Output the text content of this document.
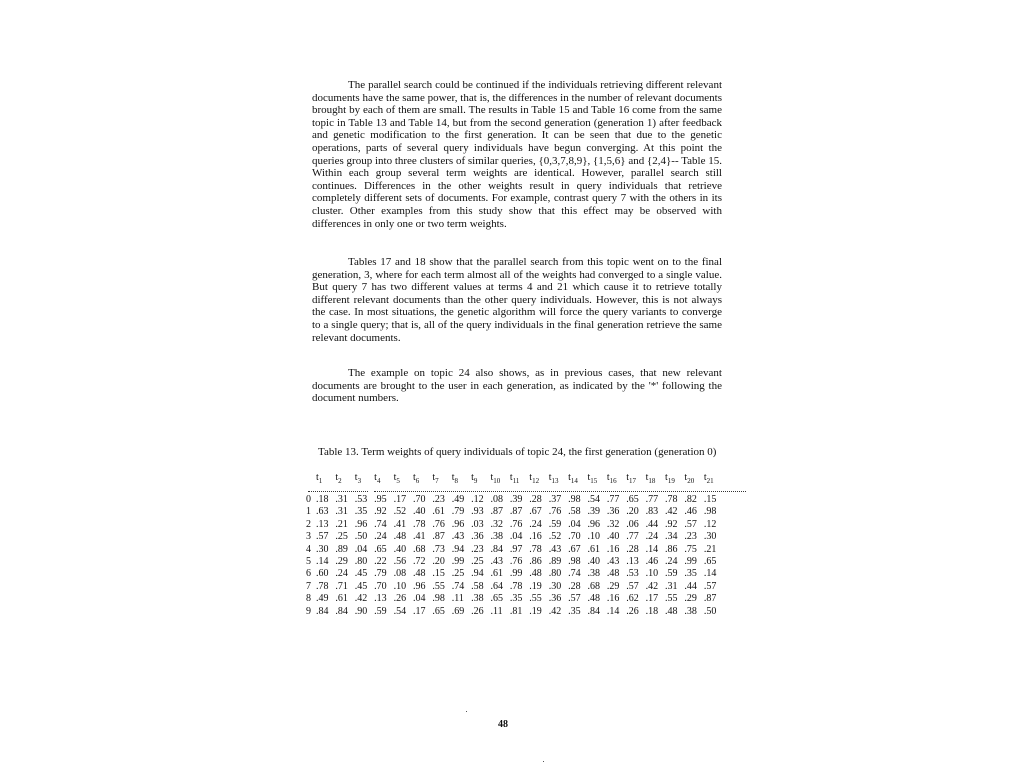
The parallel search could be continued if the individuals retrieving different relevant documents have the same power, that is, the differences in the number of relevant documents brought by each of them are small. The results in Table 15 and Table 16 come from the same topic in Table 13 and Table 14, but from the second generation (generation 1) after feedback and genetic modification to the first generation. It can be seen that due to the genetic operations, parts of several query individuals have begun converging. At this point the queries group into three clusters of similar queries, {0,3,7,8,9}, {1,5,6} and {2,4}-- Table 15. Within each group several term weights are identical. However, parallel search still continues. Differences in the other weights result in query individuals that retrieve completely different sets of documents. For example, contrast query 7 with the others in its cluster. Other examples from this study show that this effect may be observed with differences in only one or two term weights.

Tables 17 and 18 show that the parallel search from this topic went on to the final generation, 3, where for each term almost all of the weights had converged to a single value. But query 7 has two different values at terms 4 and 21 which cause it to retrieve totally different relevant documents than the other query individuals. However, this is not always the case. In most situations, the genetic algorithm will force the query variants to converge to a single query; that is, all of the query individuals in the final generation retrieve the same relevant documents.

The example on topic 24 also shows, as in previous cases, that new relevant documents are brought to the user in each generation, as indicated by the '*' following the document numbers.

Table 13. Term weights of query individuals of topic 24, the first generation (generation 0)
$t_1$	$t_2$	$t_3$	$t_4$	$t_5$	$t_6$	$t_7$	$t_8$	$t_9$	$t_{10}$ $t_{11}$ $t_{12}$ $t_{13}$ $t_{14}$ $t_{15}$ $t_{16}$ $t_{17}$ $t_{18}$ $t_{19}$ $t_{20}$ $t_{21}$
0 .18 .31 .53 .95 .17 .70 .23 .49 .12 .08 .39 .28 .37 .98 .54 .77 .65 .77 .78 .82 .15
1 .63 .31 .35 .92 .52 .40 .61 .79 .93 .87 .87 .67 .76 .58 .39 .36 .20 .83 .42 .46 .98
2 .13 .21 .96 .74 .41 .78 .76 .96 .03 .32 .76 .24 .59 .04 .96 .32 .06 .44 .92 .57 .12
3 .57 .25 .50 .24 .48 .41 .87 .43 .36 .38 .04 .16 .52 .70 .10 .40 .77 .24 .34 .23 .30
4 .30 .89 .04 .65 .40 .68 .73 .94 .23 .84 .97 .78 .43 .67 .61 .16 .28 .14 .86 .75 .21
5 .14 .29 .80 .22 .56 .72 .20 .99 .25 .43 .76 .86 .89 .98 .40 .43 .13 .46 .24 .99 .65
6 .60 .24 .45 .79 .08 .48 .15 .25 .94 .61 .99 .48 .80 .74 .38 .48 .53 .10 .59 .35 .14
7 .78 .71 .45 .70 .10 .96 .55 .74 .58 .64 .78 .19 .30 .28 .68 .29 .57 .42 .31 .44 .57
8 .49 .61 .42 .13 .26 .04 .98 .11 .38 .65 .35 .55 .36 .57 .48 .16 .62 .17 .55 .29 .87
9 .84 .84 .90 .59 .54 .17 .65 .69 .26 .11 .81 .19 .42 .35 .84 .14 .26 .18 .48 .38 .50
48
